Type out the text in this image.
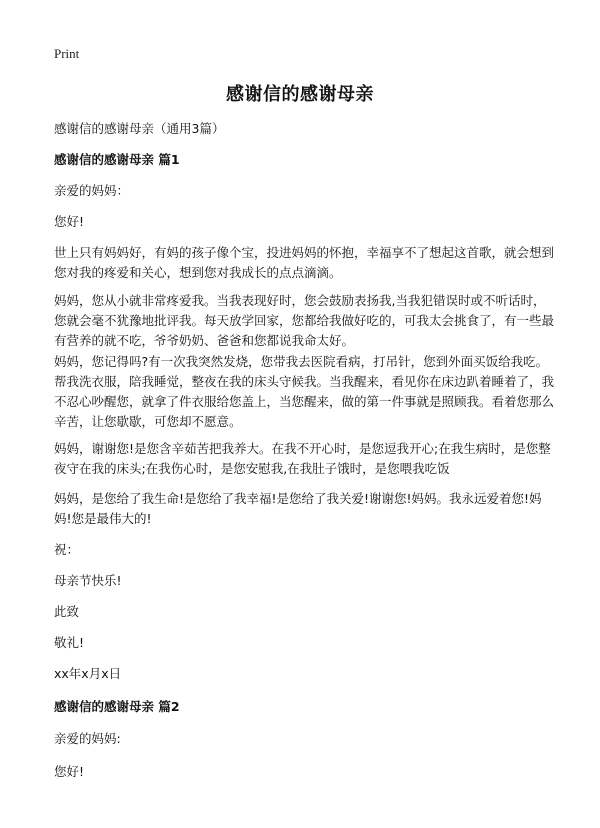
Print
感谢信的感谢母亲
感谢信的感谢母亲（通用3篇）
感谢信的感谢母亲 篇1
亲爱的妈妈：
您好!
世上只有妈妈好，有妈的孩子像个宝，投进妈妈的怀抱，幸福享不了想起这首歌，就会想到您对我的疼爱和关心，想到您对我成长的点点滴滴。
妈妈，您从小就非常疼爱我。当我表现好时，您会鼓励表扬我,当我犯错误时或不听话时，您就会毫不犹豫地批评我。每天放学回家，您都给我做好吃的，可我太会挑食了，有一些最有营养的就不吃，爷爷奶奶、爸爸和您都说我命太好。
妈妈，您记得吗?有一次我突然发烧，您带我去医院看病，打吊针，您到外面买饭给我吃。帮我洗衣服，陪我睡觉，整夜在我的床头守候我。当我醒来，看见你在床边趴着睡着了，我不忍心吵醒您，就拿了件衣服给您盖上，当您醒来，做的第一件事就是照顾我。看着您那么辛苦，让您歇歇，可您却不愿意。
妈妈，谢谢您!是您含辛茹苦把我养大。在我不开心时，是您逗我开心;在我生病时，是您整夜守在我的床头;在我伤心时，是您安慰我,在我肚子饿时，是您喂我吃饭
妈妈，是您给了我生命!是您给了我幸福!是您给了我关爱!谢谢您!妈妈。我永远爱着您!妈妈!您是最伟大的!
祝：
母亲节快乐!
此致
敬礼!
xx年x月x日
感谢信的感谢母亲 篇2
亲爱的妈妈:
您好!
